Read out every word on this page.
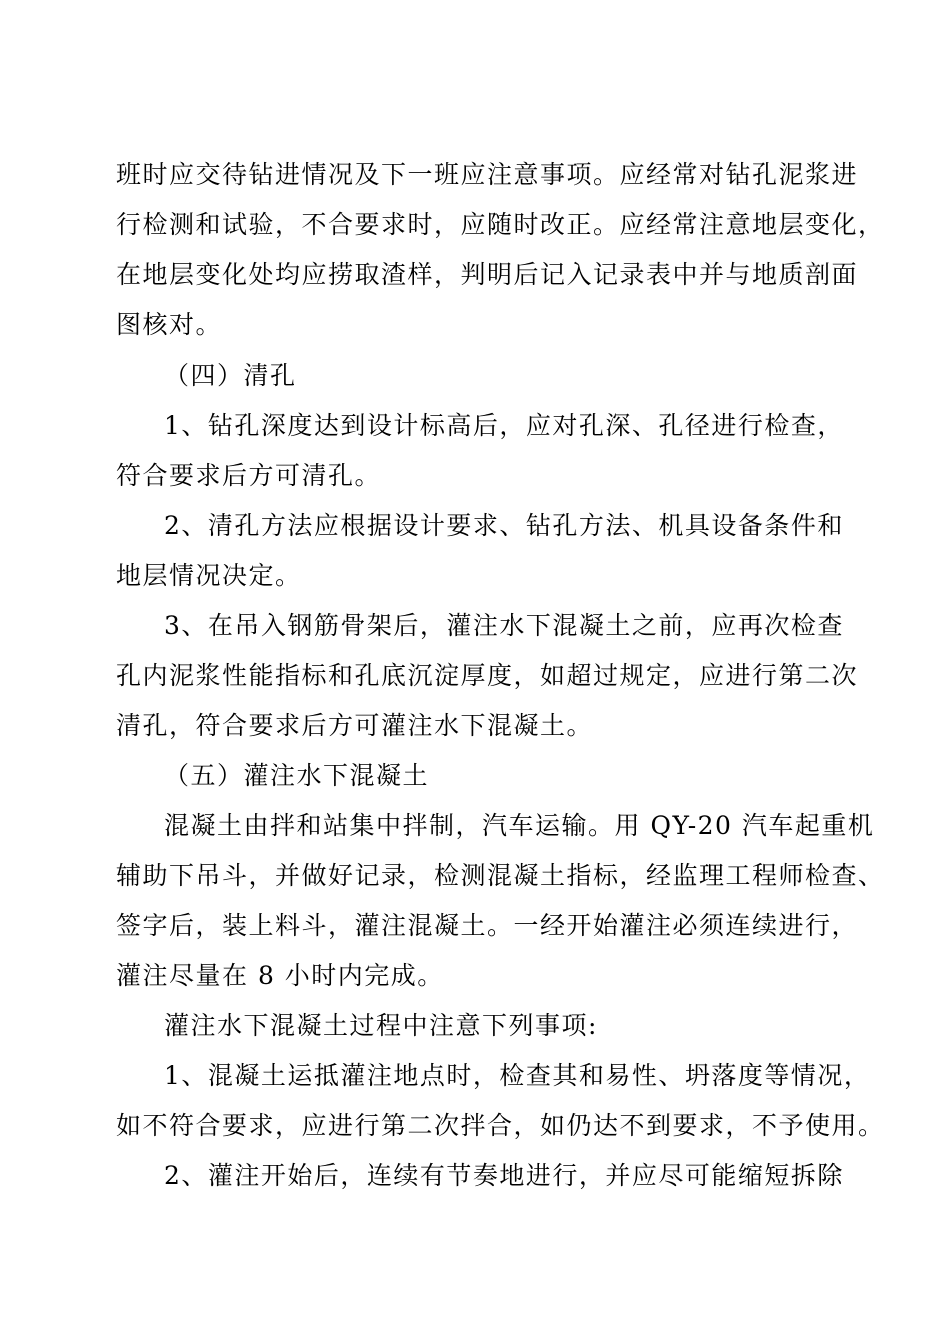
班时应交待钻进情况及下一班应注意事项。应经常对钻孔泥浆进
行检测和试验，不合要求时，应随时改正。应经常注意地层变化，
在地层变化处均应捞取渣样，判明后记入记录表中并与地质剖面
图核对。
（四）清孔
1、钻孔深度达到设计标高后，应对孔深、孔径进行检查，
符合要求后方可清孔。
2、清孔方法应根据设计要求、钻孔方法、机具设备条件和
地层情况决定。
3、在吊入钢筋骨架后，灌注水下混凝土之前，应再次检查
孔内泥浆性能指标和孔底沉淀厚度，如超过规定，应进行第二次
清孔，符合要求后方可灌注水下混凝土。
（五）灌注水下混凝土
混凝土由拌和站集中拌制，汽车运输。用 QY-20 汽车起重机
辅助下吊斗，并做好记录，检测混凝土指标，经监理工程师检查、
签字后，装上料斗，灌注混凝土。一经开始灌注必须连续进行，
灌注尽量在 8 小时内完成。
灌注水下混凝土过程中注意下列事项:
1、混凝土运抵灌注地点时，检查其和易性、坍落度等情况，
如不符合要求，应进行第二次拌合，如仍达不到要求，不予使用。
2、灌注开始后，连续有节奏地进行，并应尽可能缩短拆除
